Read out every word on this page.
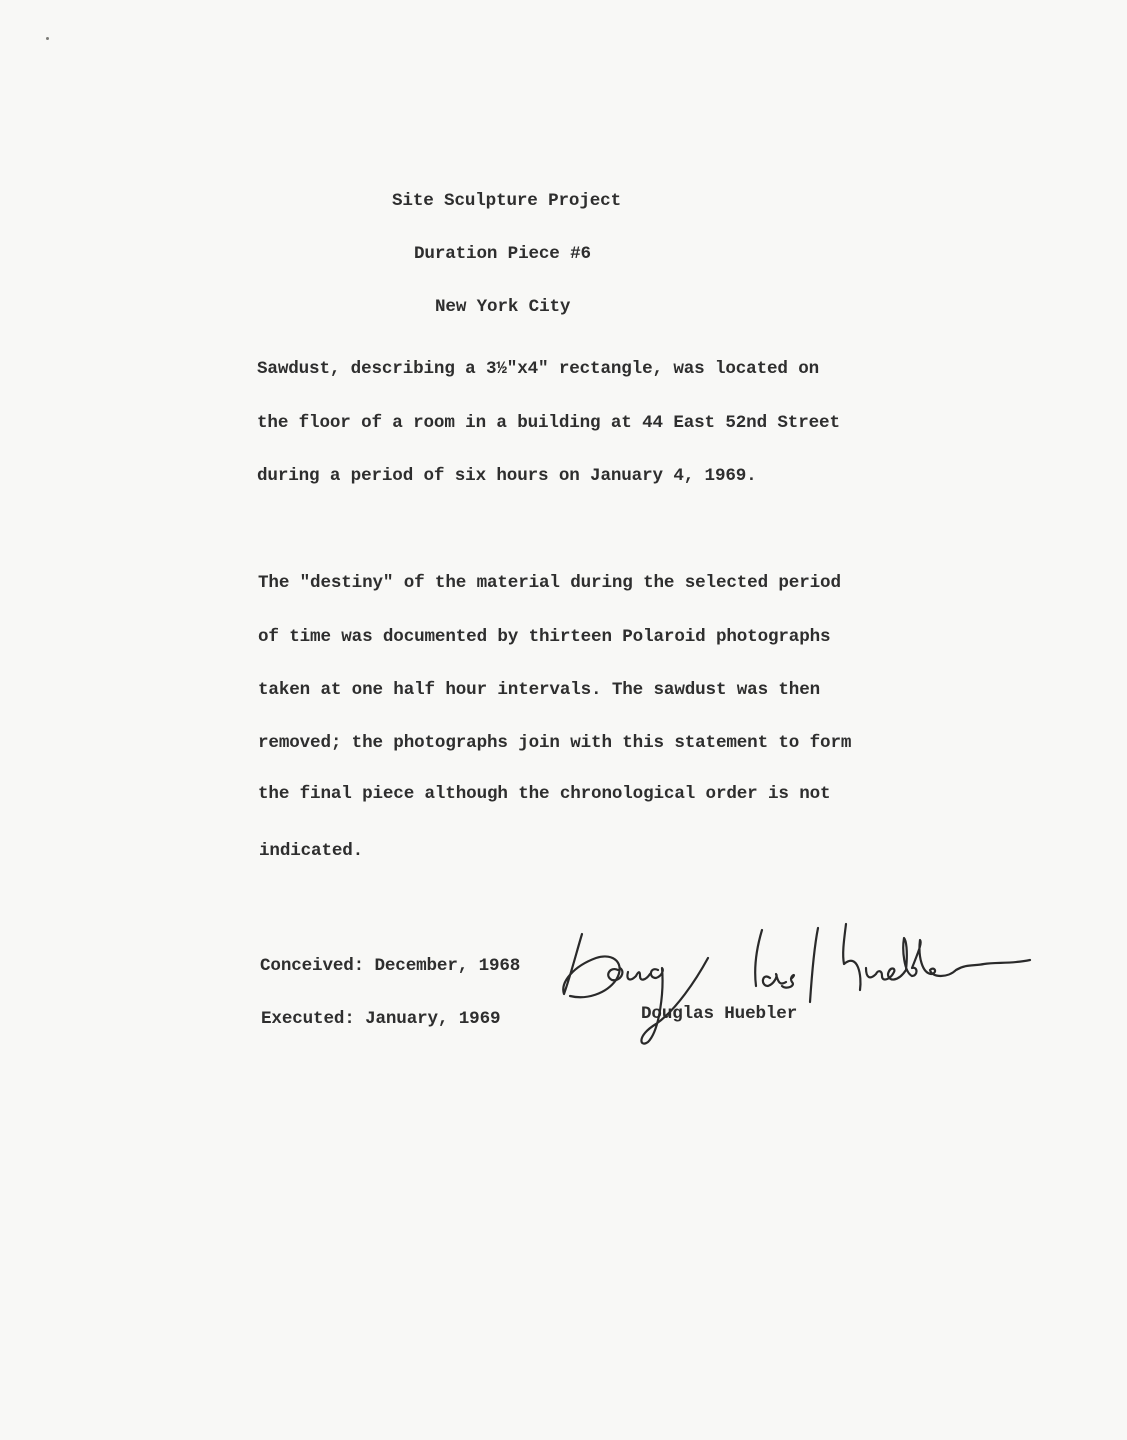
Site Sculpture Project

Duration Piece #6

New York City

Sawdust, describing a 3½"x4" rectangle, was located on

the floor of a room in a building at 44 East 52nd Street

during a period of six hours on January 4, 1969.

The "destiny" of the material during the selected period

of time was documented by thirteen Polaroid photographs

taken at one half hour intervals. The sawdust was then

removed; the photographs join with this statement to form

the final piece although the chronological order is not

indicated.

Conceived: December, 1968

Executed: January, 1969	Douglas Huebler
